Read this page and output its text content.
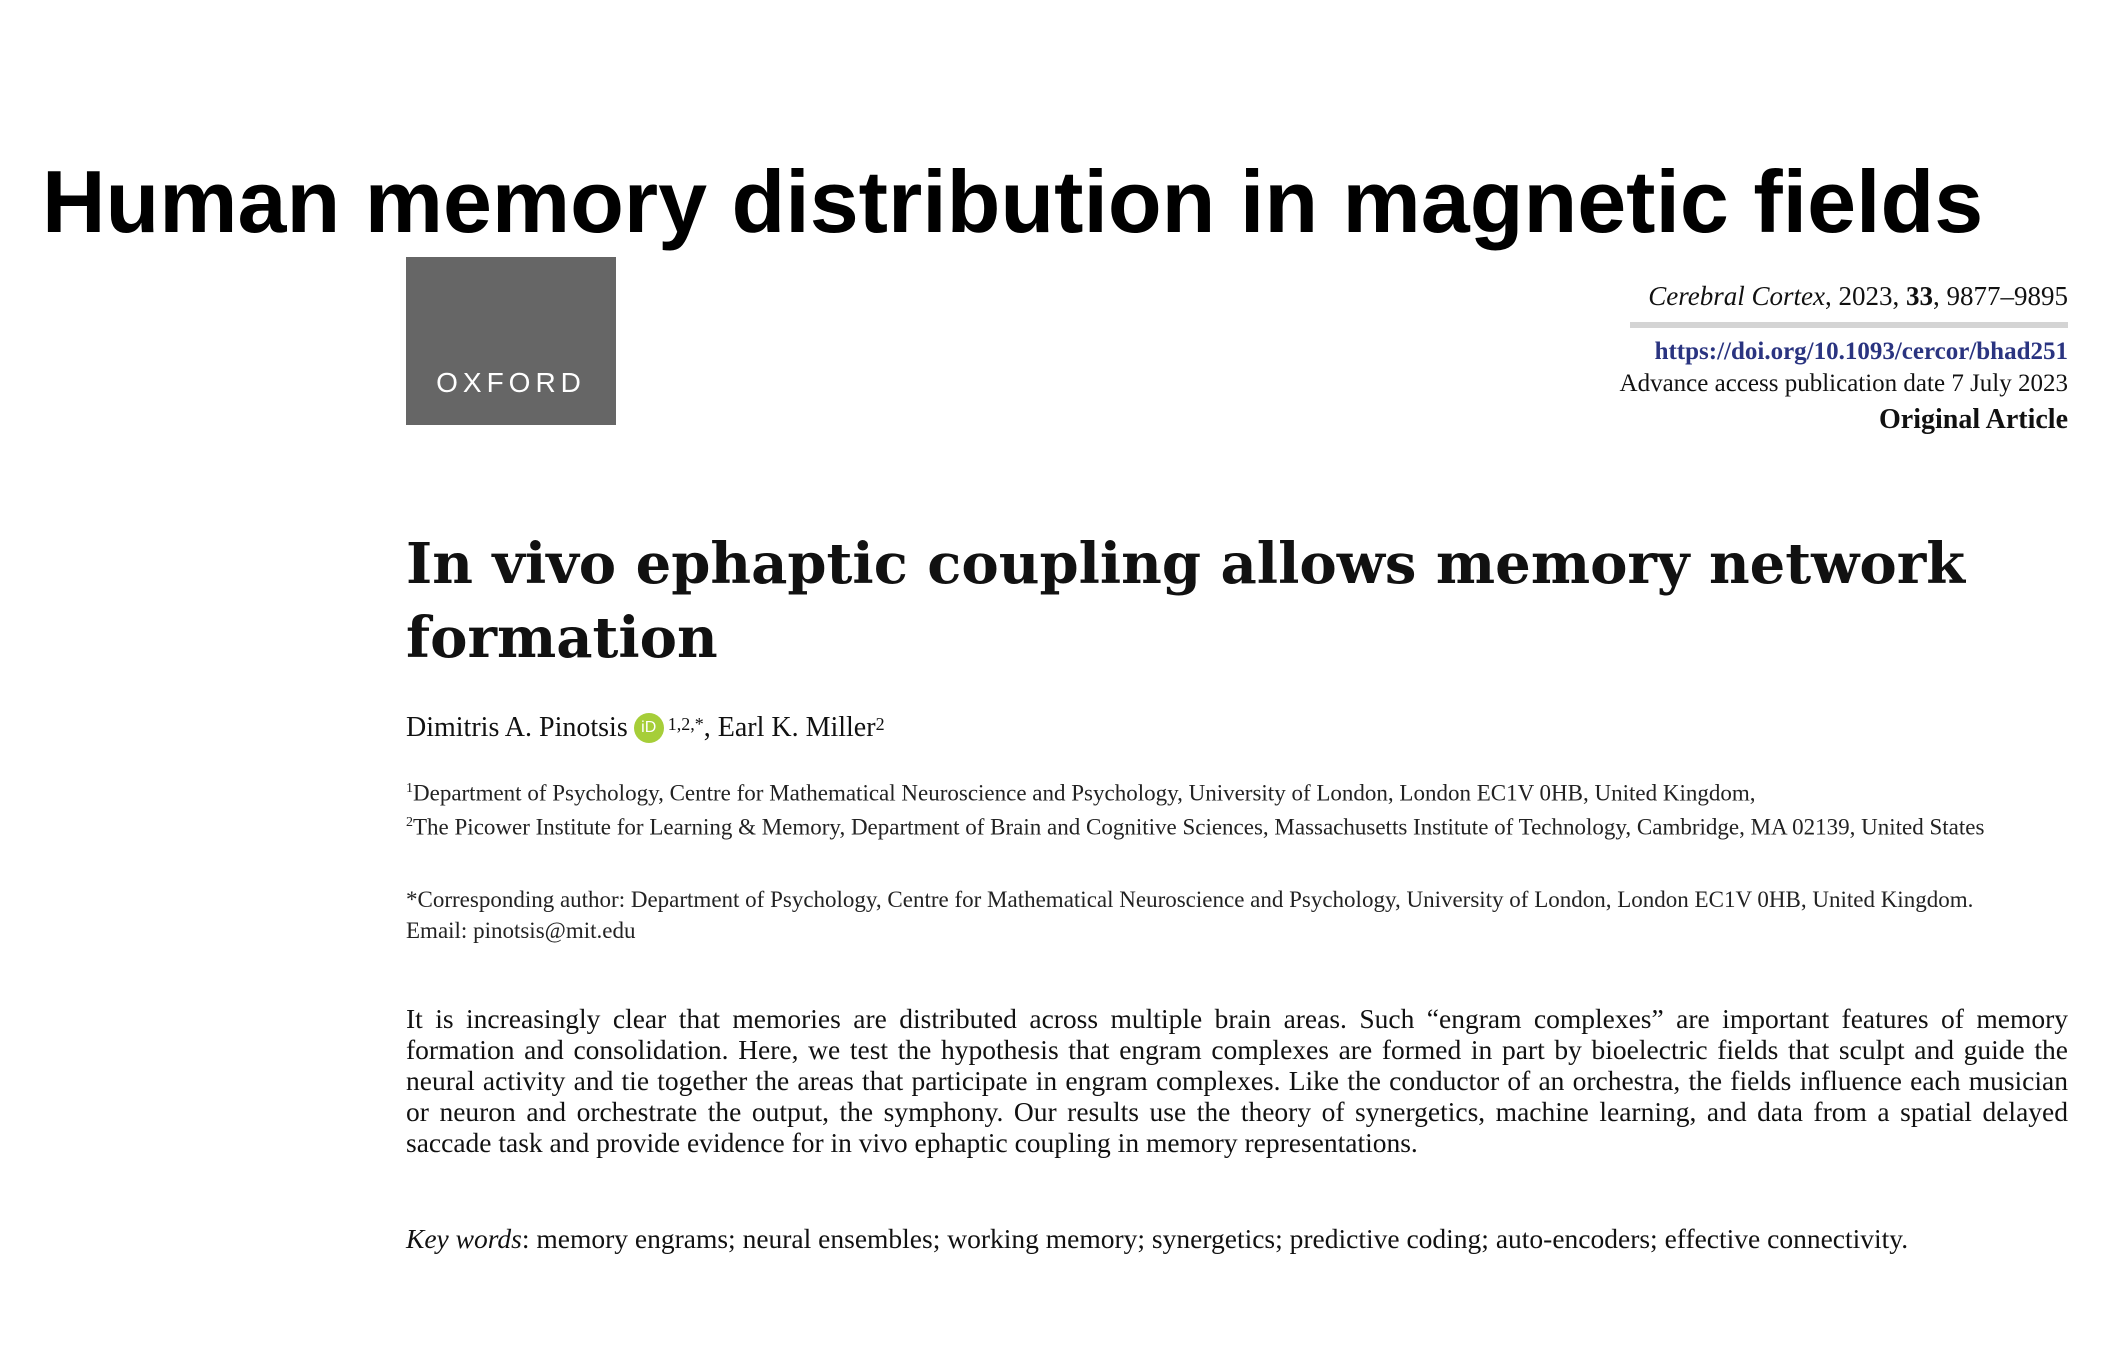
Human memory distribution in magnetic fields
OXFORD
Cerebral Cortex, 2023, 33, 9877–9895
https://doi.org/10.1093/cercor/bhad251
Advance access publication date 7 July 2023
Original Article
In vivo ephaptic coupling allows memory network formation
Dimitris A. Pinotsis iD $^{1,2,*}$ , Earl K. Miller$^2$

$^1$Department of Psychology, Centre for Mathematical Neuroscience and Psychology, University of London, London EC1V 0HB, United Kingdom,

$^2$The Picower Institute for Learning & Memory, Department of Brain and Cognitive Sciences, Massachusetts Institute of Technology, Cambridge, MA 02139, United States

*Corresponding author: Department of Psychology, Centre for Mathematical Neuroscience and Psychology, University of London, London EC1V 0HB, United Kingdom. Email: pinotsis@mit.edu

It is increasingly clear that memories are distributed across multiple brain areas. Such “engram complexes” are important features of memory formation and consolidation. Here, we test the hypothesis that engram complexes are formed in part by bioelectric fields that sculpt and guide the neural activity and tie together the areas that participate in engram complexes. Like the conductor of an orchestra, the fields influence each musician or neuron and orchestrate the output, the symphony. Our results use the theory of synergetics, machine learning, and data from a spatial delayed saccade task and provide evidence for in vivo ephaptic coupling in memory representations.

Key words: memory engrams; neural ensembles; working memory; synergetics; predictive coding; auto-encoders; effective connectivity.
